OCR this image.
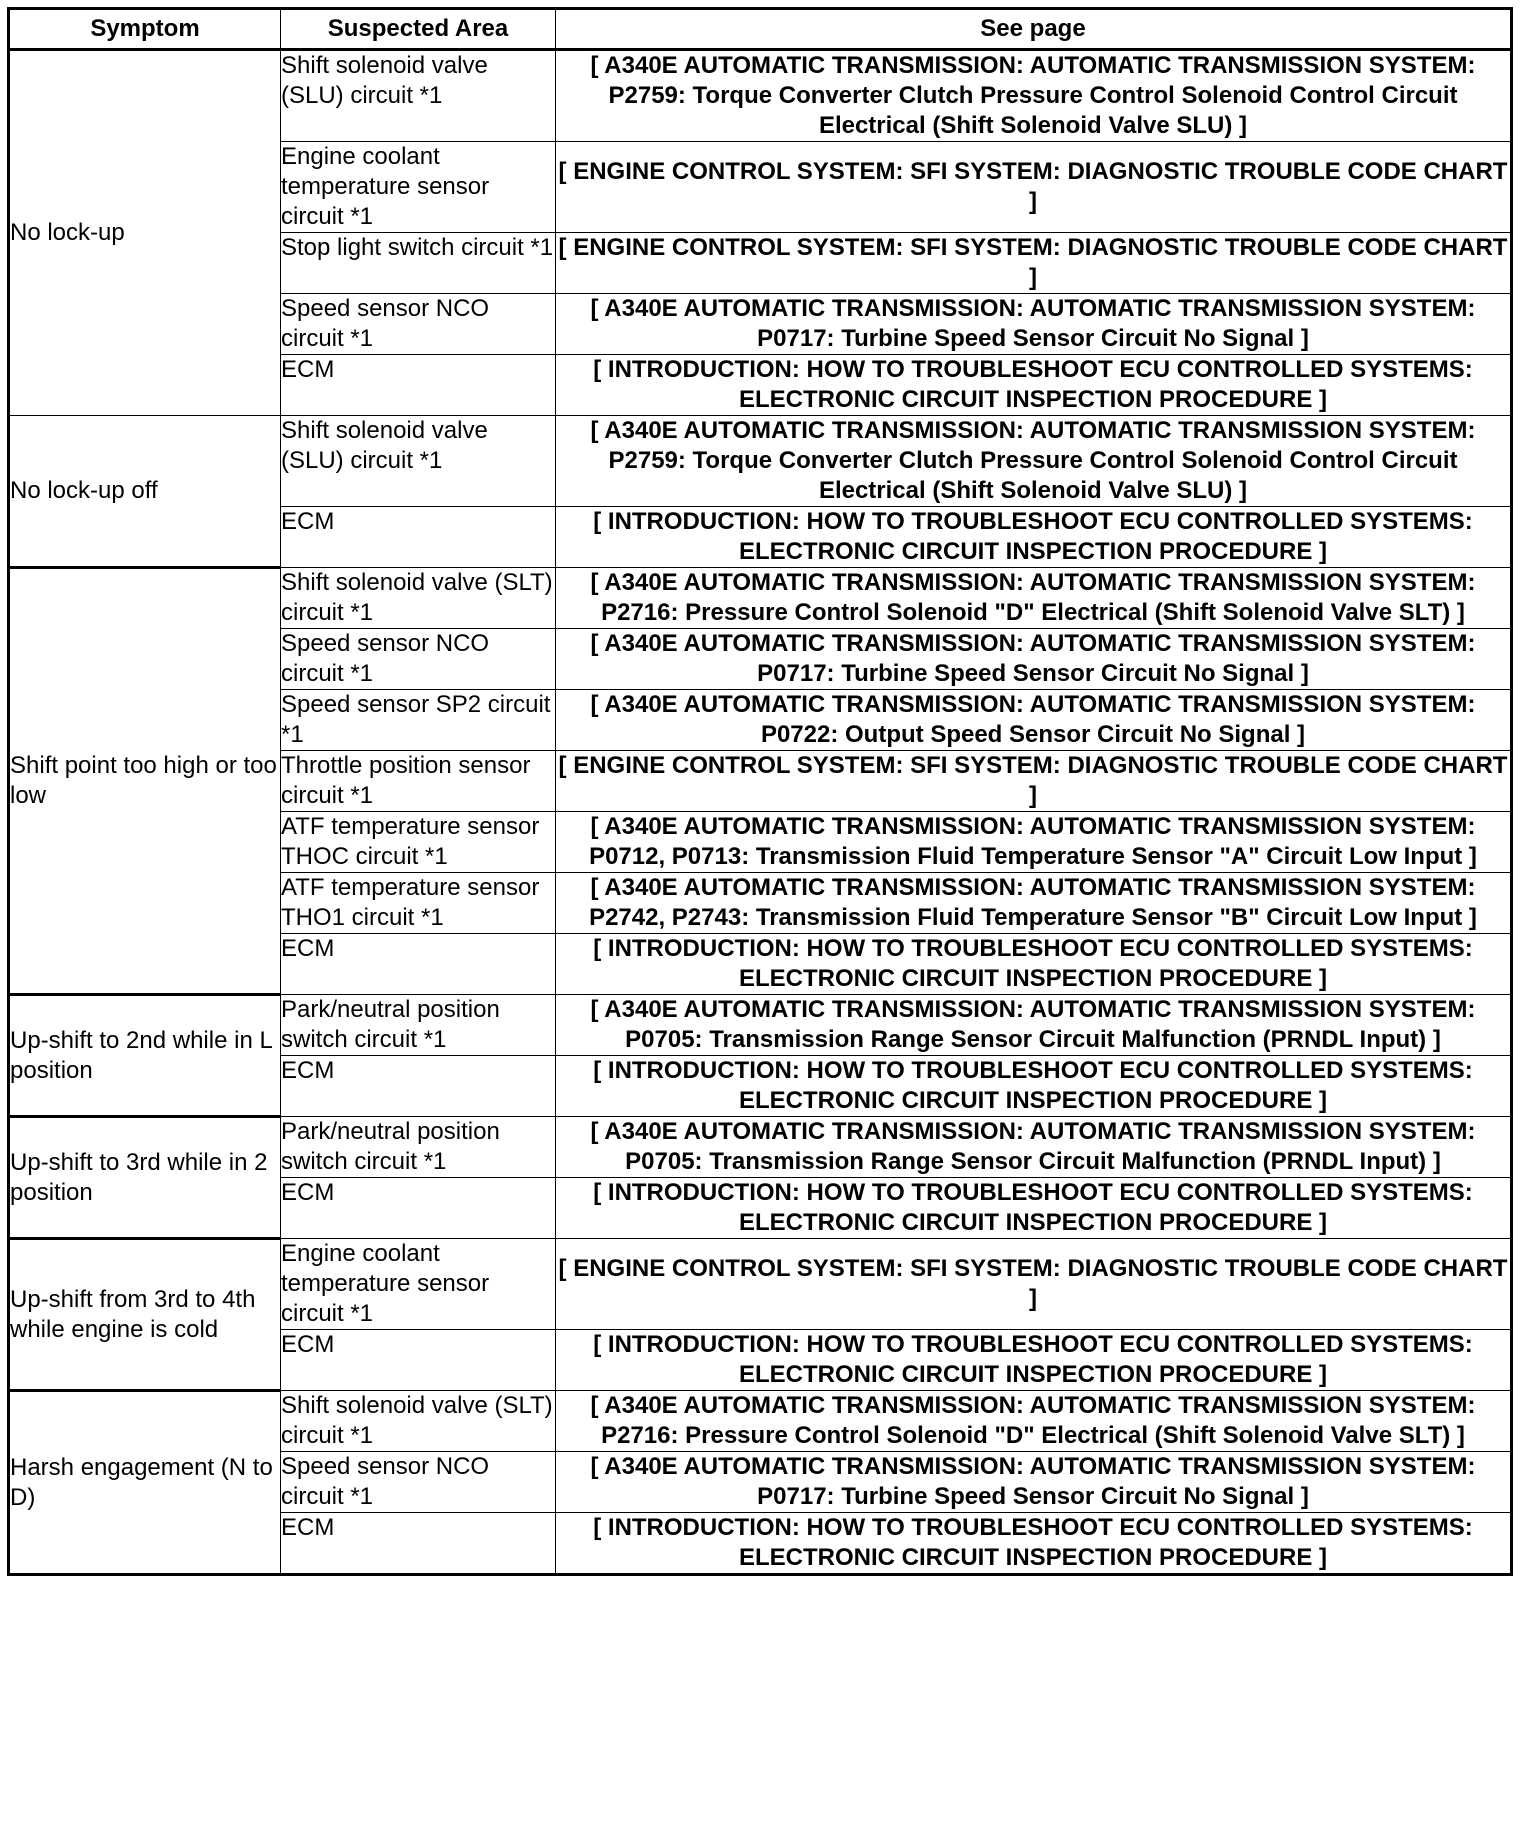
Symptom	Suspected Area	See page
No lock-up	Shift solenoid valve (SLU) circuit *1	[ A340E AUTOMATIC TRANSMISSION: AUTOMATIC TRANSMISSION SYSTEM: P2759: Torque Converter Clutch Pressure Control Solenoid Control Circuit Electrical (Shift Solenoid Valve SLU) ]
	Engine coolant temperature sensor circuit *1	[ ENGINE CONTROL SYSTEM: SFI SYSTEM: DIAGNOSTIC TROUBLE CODE CHART ]
	Stop light switch circuit *1	[ ENGINE CONTROL SYSTEM: SFI SYSTEM: DIAGNOSTIC TROUBLE CODE CHART ]
	Speed sensor NCO circuit *1	[ A340E AUTOMATIC TRANSMISSION: AUTOMATIC TRANSMISSION SYSTEM: P0717: Turbine Speed Sensor Circuit No Signal ]
	ECM	[ INTRODUCTION: HOW TO TROUBLESHOOT ECU CONTROLLED SYSTEMS: ELECTRONIC CIRCUIT INSPECTION PROCEDURE ]
No lock-up off	Shift solenoid valve (SLU) circuit *1	[ A340E AUTOMATIC TRANSMISSION: AUTOMATIC TRANSMISSION SYSTEM: P2759: Torque Converter Clutch Pressure Control Solenoid Control Circuit Electrical (Shift Solenoid Valve SLU) ]
	ECM	[ INTRODUCTION: HOW TO TROUBLESHOOT ECU CONTROLLED SYSTEMS: ELECTRONIC CIRCUIT INSPECTION PROCEDURE ]
Shift point too high or too low	Shift solenoid valve (SLT) circuit *1	[ A340E AUTOMATIC TRANSMISSION: AUTOMATIC TRANSMISSION SYSTEM: P2716: Pressure Control Solenoid "D" Electrical (Shift Solenoid Valve SLT) ]
	Speed sensor NCO circuit *1	[ A340E AUTOMATIC TRANSMISSION: AUTOMATIC TRANSMISSION SYSTEM: P0717: Turbine Speed Sensor Circuit No Signal ]
	Speed sensor SP2 circuit *1	[ A340E AUTOMATIC TRANSMISSION: AUTOMATIC TRANSMISSION SYSTEM: P0722: Output Speed Sensor Circuit No Signal ]
	Throttle position sensor circuit *1	[ ENGINE CONTROL SYSTEM: SFI SYSTEM: DIAGNOSTIC TROUBLE CODE CHART ]
	ATF temperature sensor THOC circuit *1	[ A340E AUTOMATIC TRANSMISSION: AUTOMATIC TRANSMISSION SYSTEM: P0712, P0713: Transmission Fluid Temperature Sensor "A" Circuit Low Input ]
	ATF temperature sensor THO1 circuit *1	[ A340E AUTOMATIC TRANSMISSION: AUTOMATIC TRANSMISSION SYSTEM: P2742, P2743: Transmission Fluid Temperature Sensor "B" Circuit Low Input ]
	ECM	[ INTRODUCTION: HOW TO TROUBLESHOOT ECU CONTROLLED SYSTEMS: ELECTRONIC CIRCUIT INSPECTION PROCEDURE ]
Up-shift to 2nd while in L position	Park/neutral position switch circuit *1	[ A340E AUTOMATIC TRANSMISSION: AUTOMATIC TRANSMISSION SYSTEM: P0705: Transmission Range Sensor Circuit Malfunction (PRNDL Input) ]
	ECM	[ INTRODUCTION: HOW TO TROUBLESHOOT ECU CONTROLLED SYSTEMS: ELECTRONIC CIRCUIT INSPECTION PROCEDURE ]
Up-shift to 3rd while in 2 position	Park/neutral position switch circuit *1	[ A340E AUTOMATIC TRANSMISSION: AUTOMATIC TRANSMISSION SYSTEM: P0705: Transmission Range Sensor Circuit Malfunction (PRNDL Input) ]
	ECM	[ INTRODUCTION: HOW TO TROUBLESHOOT ECU CONTROLLED SYSTEMS: ELECTRONIC CIRCUIT INSPECTION PROCEDURE ]
Up-shift from 3rd to 4th while engine is cold	Engine coolant temperature sensor circuit *1	[ ENGINE CONTROL SYSTEM: SFI SYSTEM: DIAGNOSTIC TROUBLE CODE CHART ]
	ECM	[ INTRODUCTION: HOW TO TROUBLESHOOT ECU CONTROLLED SYSTEMS: ELECTRONIC CIRCUIT INSPECTION PROCEDURE ]
Harsh engagement (N to D)	Shift solenoid valve (SLT) circuit *1	[ A340E AUTOMATIC TRANSMISSION: AUTOMATIC TRANSMISSION SYSTEM: P2716: Pressure Control Solenoid "D" Electrical (Shift Solenoid Valve SLT) ]
	Speed sensor NCO circuit *1	[ A340E AUTOMATIC TRANSMISSION: AUTOMATIC TRANSMISSION SYSTEM: P0717: Turbine Speed Sensor Circuit No Signal ]
	ECM	[ INTRODUCTION: HOW TO TROUBLESHOOT ECU CONTROLLED SYSTEMS: ELECTRONIC CIRCUIT INSPECTION PROCEDURE ]
